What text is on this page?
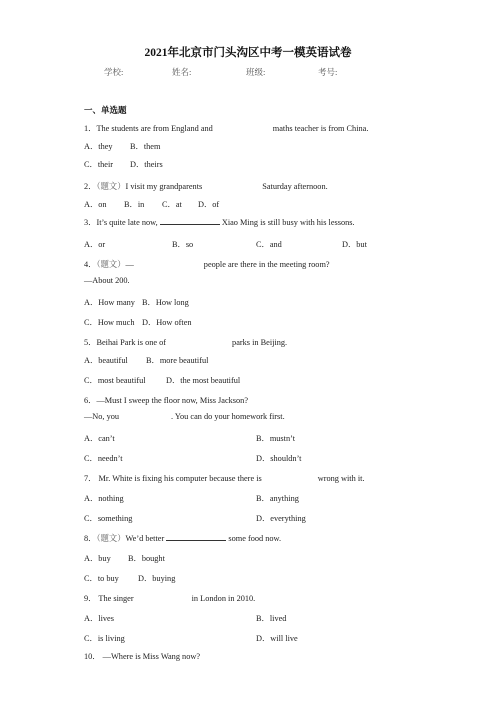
2021年北京市门头沟区中考一模英语试卷
学校:	姓名:	班级:	考号:
一、单选题
1．The students are from England and	maths teacher is from China.
A．they B．them
C．their D．theirs
2．（题文）I visit my grandparents	Saturday afternoon.
A．on B．in C．at D．of
3．It’s quite late now,	Xiao Ming is still busy with his lessons.
A．or	B．so	C．and	D．but
4．（题文）—	people are there in the meeting room?
—About 200.
A．How many B．How long
C．How much D．How often
5．Beihai Park is one of	parks in Beijing.
A．beautiful B．more beautiful
C．most beautiful D．the most beautiful
6．—Must I sweep the floor now, Miss Jackson?
—No, you	. You can do your homework first.
A．can’t	B．mustn’t
C．needn’t	D．shouldn’t
7． Mr. White is fixing his computer because there is	wrong with it.
A．nothing	B．anything
C．something	D．everything
8．（题文）We’d better	some food now.
A．buy B．bought
C．to buy D．buying
9． The singer	in London in 2010.
A．lives	B．lived
C．is living	D．will live
10． —Where is Miss Wang now?
